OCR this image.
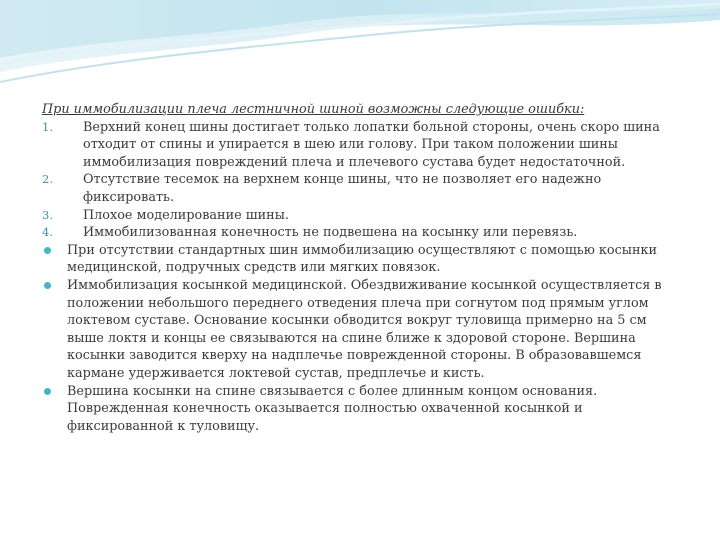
При иммобилизации плеча лестничной шиной возможны следующие ошибки:

1. Верхний конец шины достигает только лопатки больной стороны, очень скоро шина отходит от спины и упирается в шею или голову. При таком положении шины иммобилизация повреждений плеча и плечевого сустава будет недостаточной.
2. Отсутствие тесемок на верхнем конце шины, что не позволяет его надежно фиксировать.
3. Плохое моделирование шины.
4. Иммобилизованная конечность не подвешена на косынку или перевязь.
При отсутствии стандартных шин иммобилизацию осуществляют с помощью косынки медицинской, подручных средств или мягких повязок.
Иммобилизация косынкой медицинской. Обездвиживание косынкой осуществляется в положении небольшого переднего отведения плеча при согнутом под прямым углом локтевом суставе. Основание косынки обводится вокруг туловища примерно на 5 см выше локтя и концы ее связываются на спине ближе к здоровой стороне. Вершина косынки заводится кверху на надплечье поврежденной стороны. В образовавшемся кармане удерживается локтевой сустав, предплечье и кисть.
Вершина косынки на спине связывается с более длинным концом основания. Поврежденная конечность оказывается полностью охваченной косынкой и фиксированной к туловищу.
